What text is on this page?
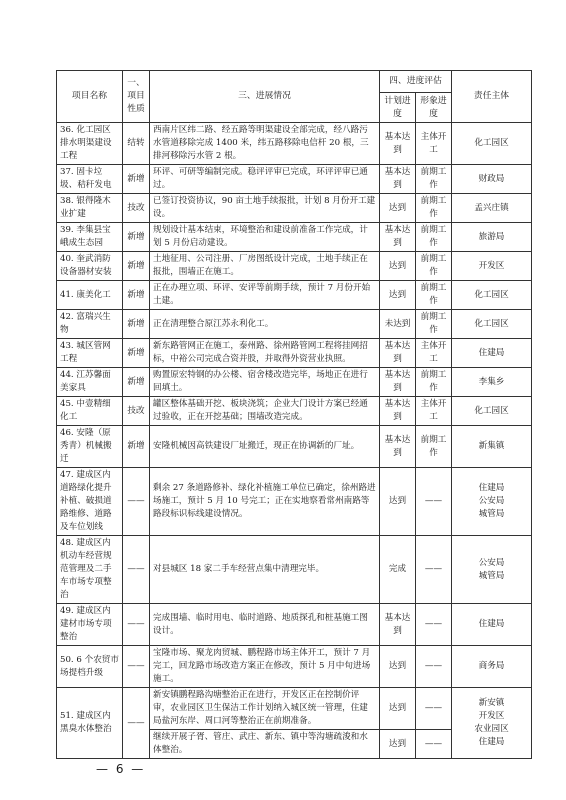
项目名称	一、项目性质	三、进展情况	四、进度评估		责任主体
			计划进度	形象进度	
36. 化工园区排水明渠建设工程	结转	西南片区纬二路、经五路等明渠建设全部完成，经八路污水管道移除完成 1400 米，纬五路移除电信杆 20 根，三排河移除污水管 2 根。	基本达到	主体开工	化工园区
37. 固卡垃圾、秸秆发电	新增	环评、可研等编制完成。稳评评审已完成，环评评审已通过。	基本达到	前期工作	财政局
38. 银得隆木业扩建	技改	已签订投资协议，90 亩土地手续报批，计划 8 月份开工建设。	达到	前期工作	孟兴庄镇
39. 李集县宝峨成生态园	新增	规划设计基本结束，环境整治和建设前准备工作完成，计划 5 月份启动建设。	基本达到	前期工作	旅游局
40. 奎武消防设备器材安装	新增	土地征用、公司注册、厂房图纸设计完成，土地手续正在报批，围墙正在施工。	达到	前期工作	开发区
41. 康美化工	新增	正在办理立项、环评、安评等前期手续，预计 7 月份开始土建。	达到	前期工作	化工园区
42. 富瑞兴生物	新增	正在清理整合原江苏永利化工。	未达到	前期工作	化工园区
43. 城区管网工程	新增	新东路管网正在施工，泰州路、徐州路管网工程将挂网招标，中裕公司完成合资并股，并取得外资营业执照。	基本达到	主体开工	住建局
44. 江苏馨面美家具	新增	购置原宏特钢的办公楼、宿舍楼改造完毕，场地正在进行回填土。	基本达到	前期工作	李集乡
45. 中壹精细化工	技改	罐区整体基础开挖、板块浇筑；企业大门设计方案已经通过验收，正在开挖基础；围墙改造完成。	基本达到	主体开工	化工园区
46. 安隆（原秀青）机械搬迁	新增	安隆机械因高铁建设厂址搬迁，现正在协调新的厂址。	基本达到	前期工作	新集镇
47. 建成区内道路绿化提升补植、破损道路维修、道路及车位划线	——	剩余 27 条道路修补、绿化补植施工单位已确定，徐州路进场施工，预计 5 月 10 号完工；正在实地察看常州南路等路段标识标线建设情况。	达到	——	住建局
公安局
城管局
48. 建成区内机动车经营规范管理及二手车市场专项整治	——	对县城区 18 家二手车经营点集中清理完毕。	完成	——	公安局
城管局
49. 建成区内建材市场专项整治	——	完成围墙、临时用电、临时道路、地质探孔和桩基施工图设计。	基本达到	——	住建局
50. 6 个农贸市场提档升级	——	宝隆市场、聚龙肉贸城、鹏程路市场主体开工，预计 7 月完工，回龙路市场改造方案正在修改，预计 5 月中旬进场施工。	达到	——	商务局
51. 建成区内黑臭水体整治	——	新安镇鹏程路沟塘整治正在进行，开发区正在控制价评审，农业园区卫生保洁工作计划纳入城区统一管理，住建局盐河东岸、周口河等整治正在前期准备。	达到	——	新安镇
开发区
农业园区
住建局
		继续开展子胥、管庄、武庄、新东、镇中等沟塘疏浚和水体整治。	达到	——	
— 6 —
